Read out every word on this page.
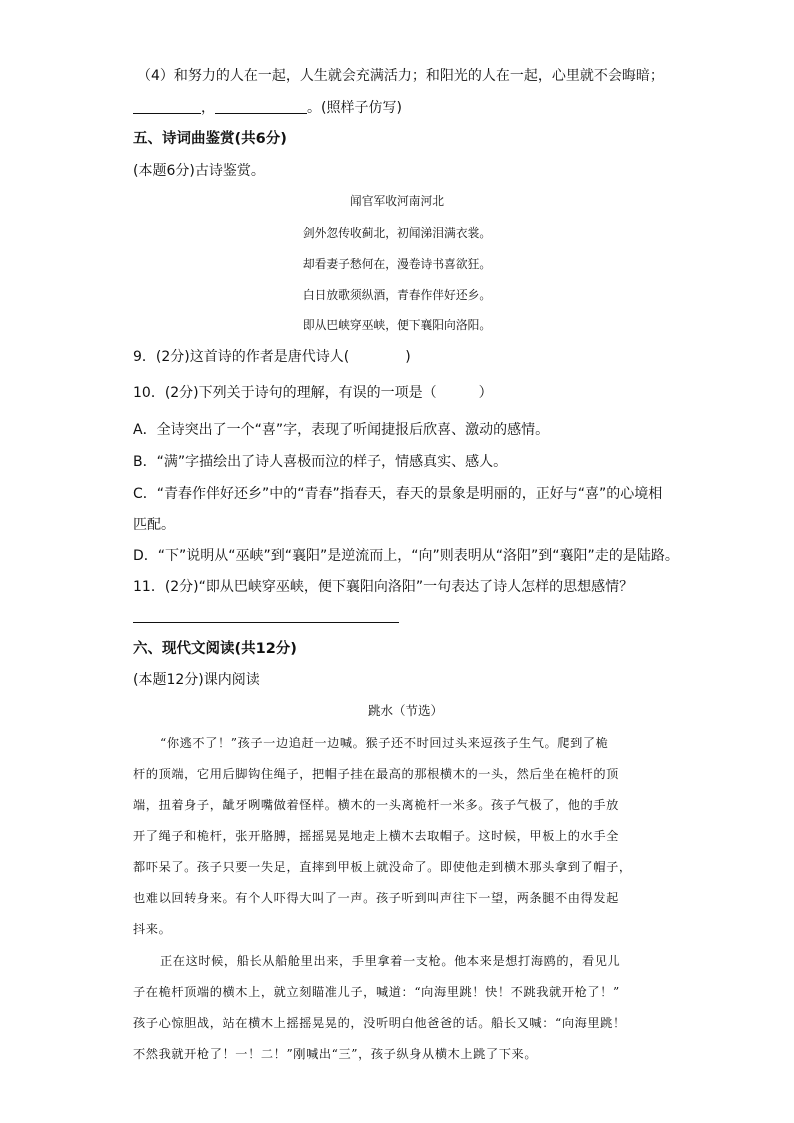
（4）和努力的人在一起，人生就会充满活力；和阳光的人在一起，心里就不会晦暗；
，	。(照样子仿写)
五、诗词曲鉴赏(共6分)
(本题6分)古诗鉴赏。
闻官军收河南河北
剑外忽传收蓟北，初闻涕泪满衣裳。
却看妻子愁何在，漫卷诗书喜欲狂。
白日放歌须纵酒，青春作伴好还乡。
即从巴峡穿巫峡，便下襄阳向洛阳。
9．(2分)这首诗的作者是唐代诗人(　　　　)
10．(2分)下列关于诗句的理解，有误的一项是（　　　）
A．全诗突出了一个“喜”字，表现了听闻捷报后欣喜、激动的感情。
B．“满”字描绘出了诗人喜极而泣的样子，情感真实、感人。
C．“青春作伴好还乡”中的“青春”指春天，春天的景象是明丽的，正好与“喜”的心境相
匹配。
D．“下”说明从“巫峡”到“襄阳”是逆流而上，“向”则表明从“洛阳”到“襄阳”走的是陆路。
11．(2分)“即从巴峡穿巫峡，便下襄阳向洛阳”一句表达了诗人怎样的思想感情？
六、现代文阅读(共12分)
(本题12分)课内阅读
跳水（节选）
“你逃不了！”孩子一边追赶一边喊。猴子还不时回过头来逗孩子生气。爬到了桅
杆的顶端，它用后脚钩住绳子，把帽子挂在最高的那根横木的一头，然后坐在桅杆的顶
端，扭着身子，龇牙咧嘴做着怪样。横木的一头离桅杆一米多。孩子气极了，他的手放
开了绳子和桅杆，张开胳膊，摇摇晃晃地走上横木去取帽子。这时候，甲板上的水手全
都吓呆了。孩子只要一失足，直摔到甲板上就没命了。即使他走到横木那头拿到了帽子，
也难以回转身来。有个人吓得大叫了一声。孩子听到叫声往下一望，两条腿不由得发起
抖来。
正在这时候，船长从船舱里出来，手里拿着一支枪。他本来是想打海鸥的，看见儿
子在桅杆顶端的横木上，就立刻瞄准儿子，喊道：“向海里跳！快！不跳我就开枪了！”
孩子心惊胆战，站在横木上摇摇晃晃的，没听明白他爸爸的话。船长又喊：“向海里跳！
不然我就开枪了！一！二！”刚喊出“三”，孩子纵身从横木上跳了下来。
